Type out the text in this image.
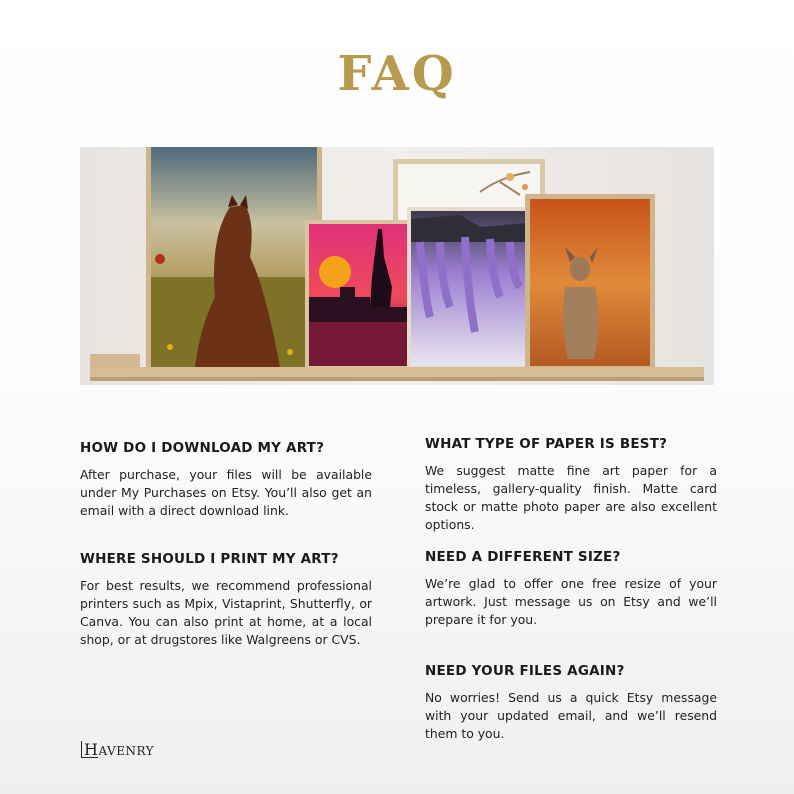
FAQ
HOW DO I DOWNLOAD MY ART?

After purchase, your files will be available under My Purchases on Etsy. You’ll also get an email with a direct download link.

WHERE SHOULD I PRINT MY ART?

For best results, we recommend professional printers such as Mpix, Vistaprint, Shutterfly, or Canva. You can also print at home, at a local shop, or at drugstores like Walgreens or CVS.

WHAT TYPE OF PAPER IS BEST?

We suggest matte fine art paper for a timeless, gallery-quality finish. Matte card stock or matte photo paper are also excellent options.

NEED A DIFFERENT SIZE?

We’re glad to offer one free resize of your artwork. Just message us on Etsy and we’ll prepare it for you.

NEED YOUR FILES AGAIN?

No worries! Send us a quick Etsy message with your updated email, and we’ll resend them to you.

HAVENRY
